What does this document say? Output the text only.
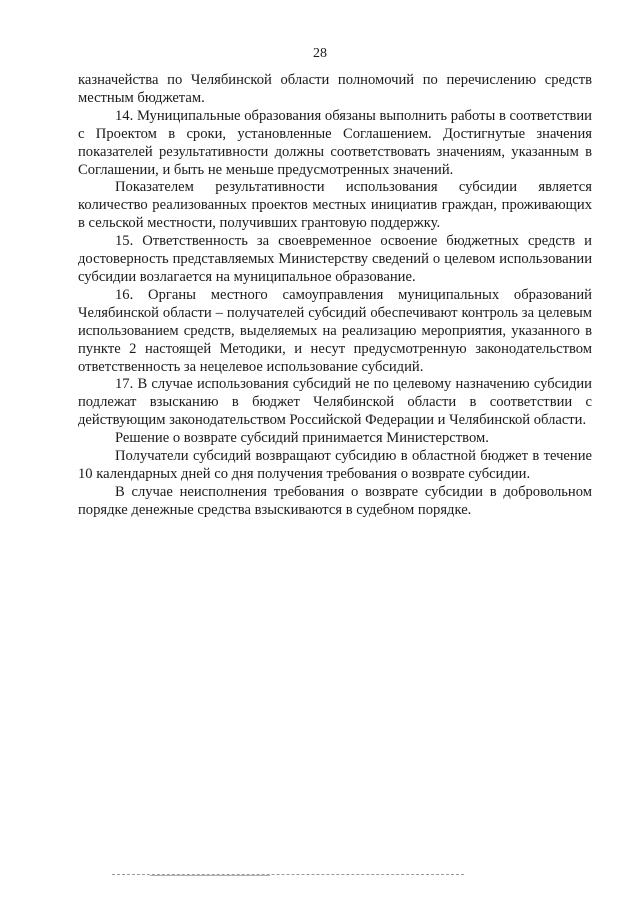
28

казначейства по Челябинской области полномочий по перечислению средств местным бюджетам.

14. Муниципальные образования обязаны выполнить работы в соответствии с Проектом в сроки, установленные Соглашением. Достигнутые значения показателей результативности должны соответствовать значениям, указанным в Соглашении, и быть не меньше предусмотренных значений.

Показателем результативности использования субсидии является количество реализованных проектов местных инициатив граждан, проживающих в сельской местности, получивших грантовую поддержку.

15. Ответственность за своевременное освоение бюджетных средств и достоверность представляемых Министерству сведений о целевом использовании субсидии возлагается на муниципальное образование.

16. Органы местного самоуправления муниципальных образований Челябинской области – получателей субсидий обеспечивают контроль за целевым использованием средств, выделяемых на реализацию мероприятия, указанного в пункте 2 настоящей Методики, и несут предусмотренную законодательством ответственность за нецелевое использование субсидий.

17. В случае использования субсидий не по целевому назначению субсидии подлежат взысканию в бюджет Челябинской области в соответствии с действующим законодательством Российской Федерации и Челябинской области.

Решение о возврате субсидий принимается Министерством.

Получатели субсидий возвращают субсидию в областной бюджет в течение 10 календарных дней со дня получения требования о возврате субсидии.

В случае неисполнения требования о возврате субсидии в добровольном порядке денежные средства взыскиваются в судебном порядке.
